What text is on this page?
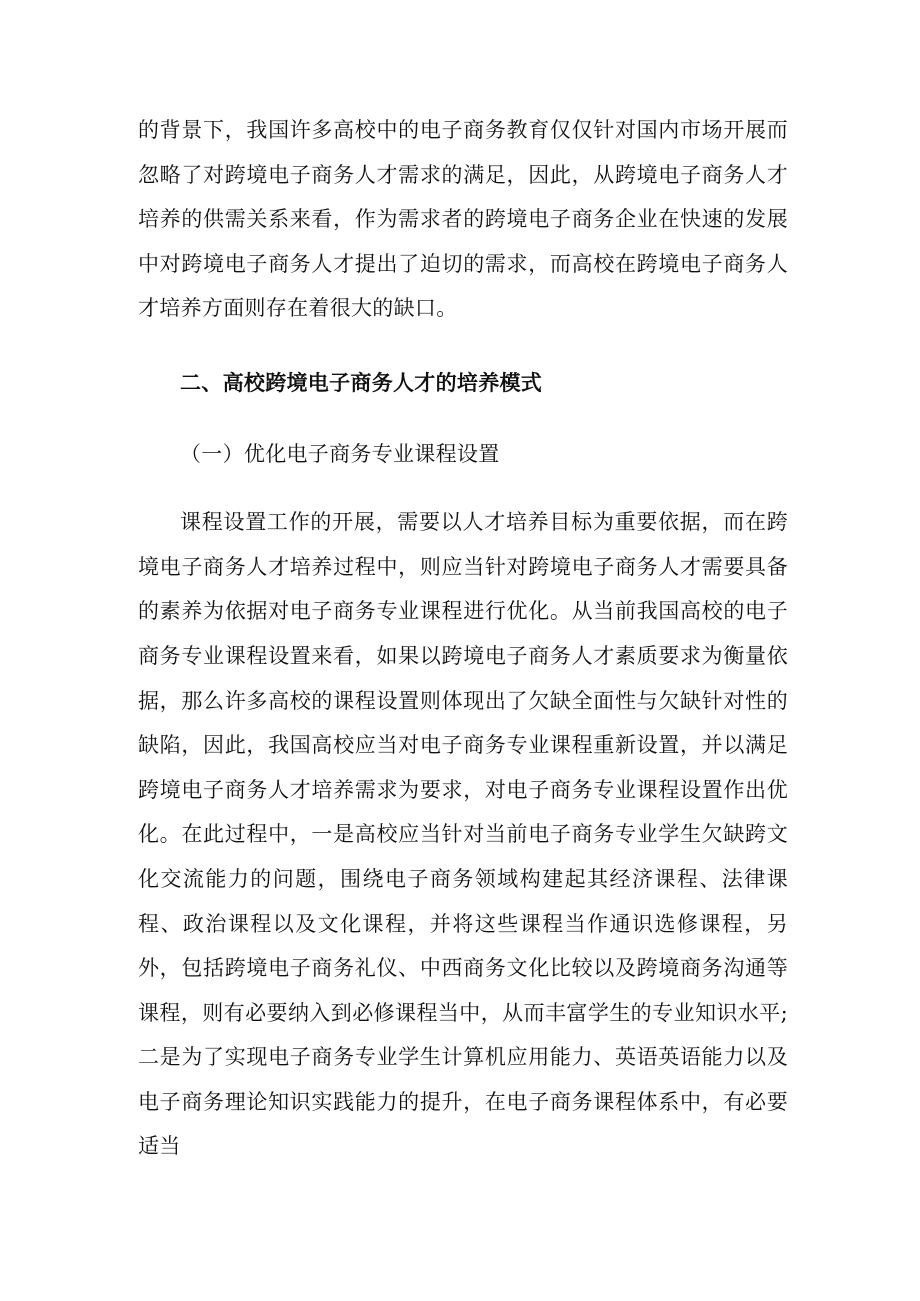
的背景下，我国许多高校中的电子商务教育仅仅针对国内市场开展而忽略了对跨境电子商务人才需求的满足，因此，从跨境电子商务人才培养的供需关系来看，作为需求者的跨境电子商务企业在快速的发展中对跨境电子商务人才提出了迫切的需求，而高校在跨境电子商务人才培养方面则存在着很大的缺口。

二、高校跨境电子商务人才的培养模式

（一）优化电子商务专业课程设置

课程设置工作的开展，需要以人才培养目标为重要依据，而在跨境电子商务人才培养过程中，则应当针对跨境电子商务人才需要具备的素养为依据对电子商务专业课程进行优化。从当前我国高校的电子商务专业课程设置来看，如果以跨境电子商务人才素质要求为衡量依据，那么许多高校的课程设置则体现出了欠缺全面性与欠缺针对性的缺陷，因此，我国高校应当对电子商务专业课程重新设置，并以满足跨境电子商务人才培养需求为要求，对电子商务专业课程设置作出优化。在此过程中，一是高校应当针对当前电子商务专业学生欠缺跨文化交流能力的问题，围绕电子商务领域构建起其经济课程、法律课程、政治课程以及文化课程，并将这些课程当作通识选修课程，另外，包括跨境电子商务礼仪、中西商务文化比较以及跨境商务沟通等课程，则有必要纳入到必修课程当中，从而丰富学生的专业知识水平;二是为了实现电子商务专业学生计算机应用能力、英语英语能力以及电子商务理论知识实践能力的提升，在电子商务课程体系中，有必要适当
